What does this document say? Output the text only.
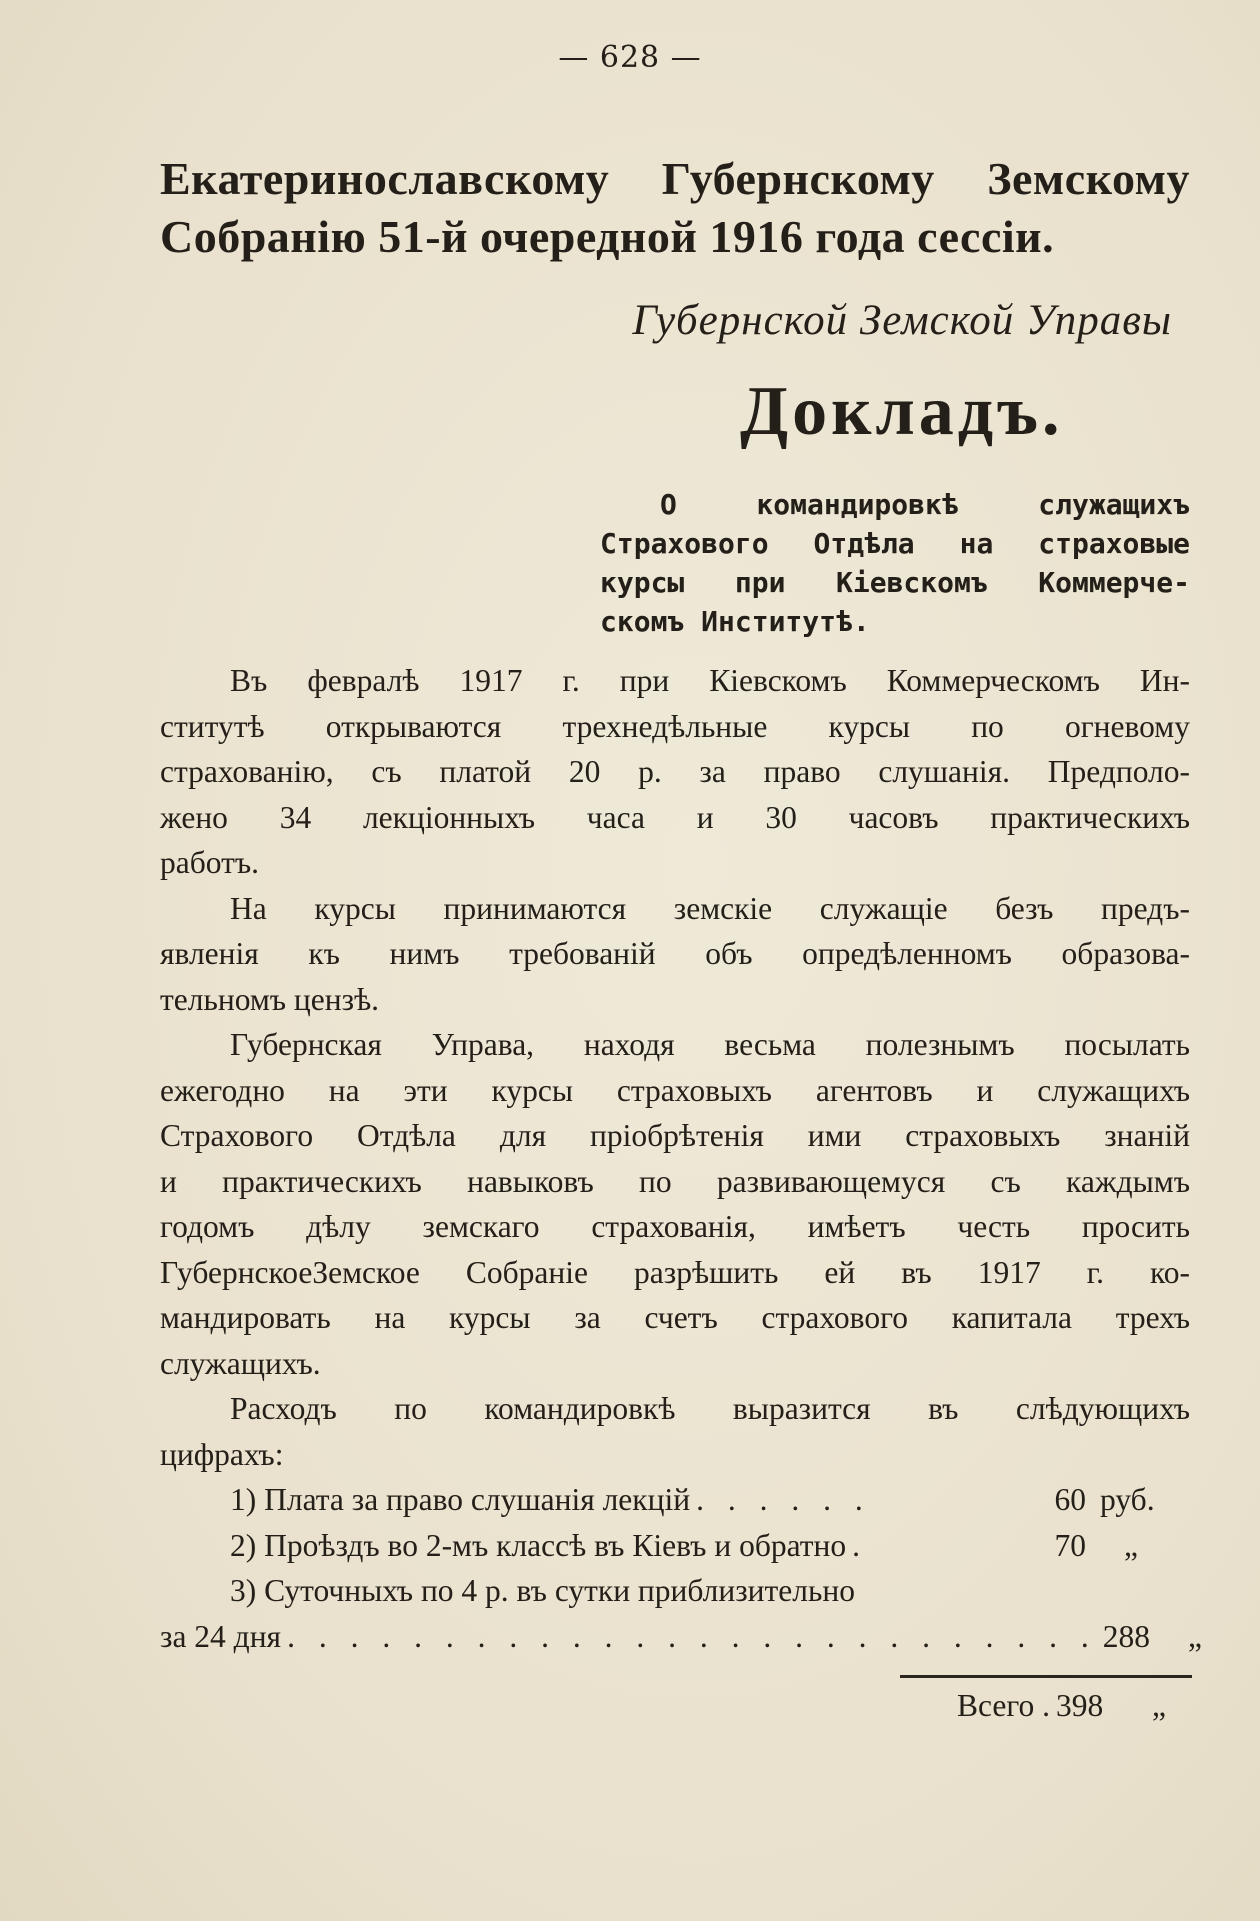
— 628 —
Екатеринославскому Губернскому Земскому
Собранію 51-й очередной 1916 года сессіи.
Губернской Земской Управы
Докладъ.
О командировкѣ служащихъ
Страхового Отдѣла на страховые
курсы при Кіевскомъ Коммерче-
скомъ Институтѣ.
Въ февралѣ 1917 г. при Кіевскомъ Коммерческомъ Ин-
ститутѣ открываются трехнедѣльные курсы по огневому
страхованію, съ платой 20 р. за право слушанія. Предполо-
жено 34 лекціонныхъ часа и 30 часовъ практическихъ
работъ.
На курсы принимаются земскіе служащіе безъ предъ-
явленія къ нимъ требованій объ опредѣленномъ образова-
тельномъ цензѣ.
Губернская Управа, находя весьма полезнымъ посылать
ежегодно на эти курсы страховыхъ агентовъ и служащихъ
Страхового Отдѣла для пріобрѣтенія ими страховыхъ знаній
и практическихъ навыковъ по развивающемуся съ каждымъ
годомъ дѣлу земскаго страхованія, имѣетъ честь просить
ГубернскоеЗемское Собраніе разрѣшить ей въ 1917 г. ко-
мандировать на курсы за счетъ страхового капитала трехъ
служащихъ.
Расходъ по командировкѣ выразится въ слѣдующихъ
цифрахъ:
1) Плата за право слушанія лекцій . . . . . .	60 руб.
2) Проѣздъ во 2-мъ классѣ въ Кіевъ и обратно .	70	„
3) Суточныхъ по 4 р. въ сутки приблизительно
за 24 дня . . . . . . . . . . . . . . . . . . . . . . . . . . 288	„
Всего . 398	„
